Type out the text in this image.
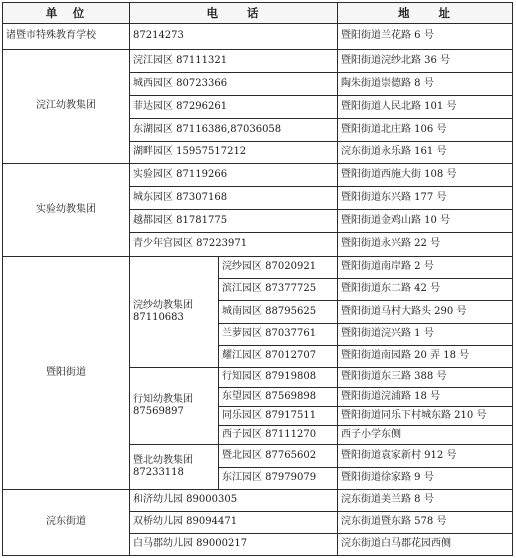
单　位	电　　话	地　　址
诸暨市特殊教育学校	87214273	暨阳街道兰花路 6 号
浣江幼教集团
浣江园区 87111321	暨阳街道浣纱北路 36 号
城西园区 80723366	陶朱街道崇德路 8 号
菲达园区 87296261	暨阳街道人民北路 101 号
东湖园区 87116386,87036058	暨阳街道北庄路 106 号
湖畔园区 15957517212	浣东街道永乐路 161 号
实验幼教集团
实验园区 87119266	暨阳街道西施大街 108 号
城东园区 87307168	暨阳街道东兴路 177 号
越都园区 81781775	暨阳街道金鸡山路 10 号
青少年宫园区 87223971	暨阳街道永兴路 22 号
暨阳街道
浣纱幼教集团
87110683
浣纱园区 87020921	暨阳街道南岸路 2 号
滨江园区 87377725	暨阳街道东二路 42 号
城南园区 88795625	暨阳街道马村大路头 290 号
兰萝园区 87037761	暨阳街道浣兴路 1 号
耀江园区 87012707	暨阳街道南园路 20 弄 18 号
行知幼教集团
87569897
行知园区 87919808	暨阳街道东三路 388 号
东望园区 87569898	暨阳街道浣浦路 18 号
同乐园区 87917511	暨阳街道同乐下村城东路 210 号
西子园区 87111270	西子小学东侧
暨北幼教集团
87233118
暨北园区 87765602	暨阳街道袁家新村 912 号
东江园区 87979079	暨阳街道徐家路 9 号
浣东街道
和济幼儿园 89000305	浣东街道美兰路 8 号
双桥幼儿园 89094471	浣东街道暨东路 578 号
白马郡幼儿园 89000217	浣东街道白马郡花园西侧
